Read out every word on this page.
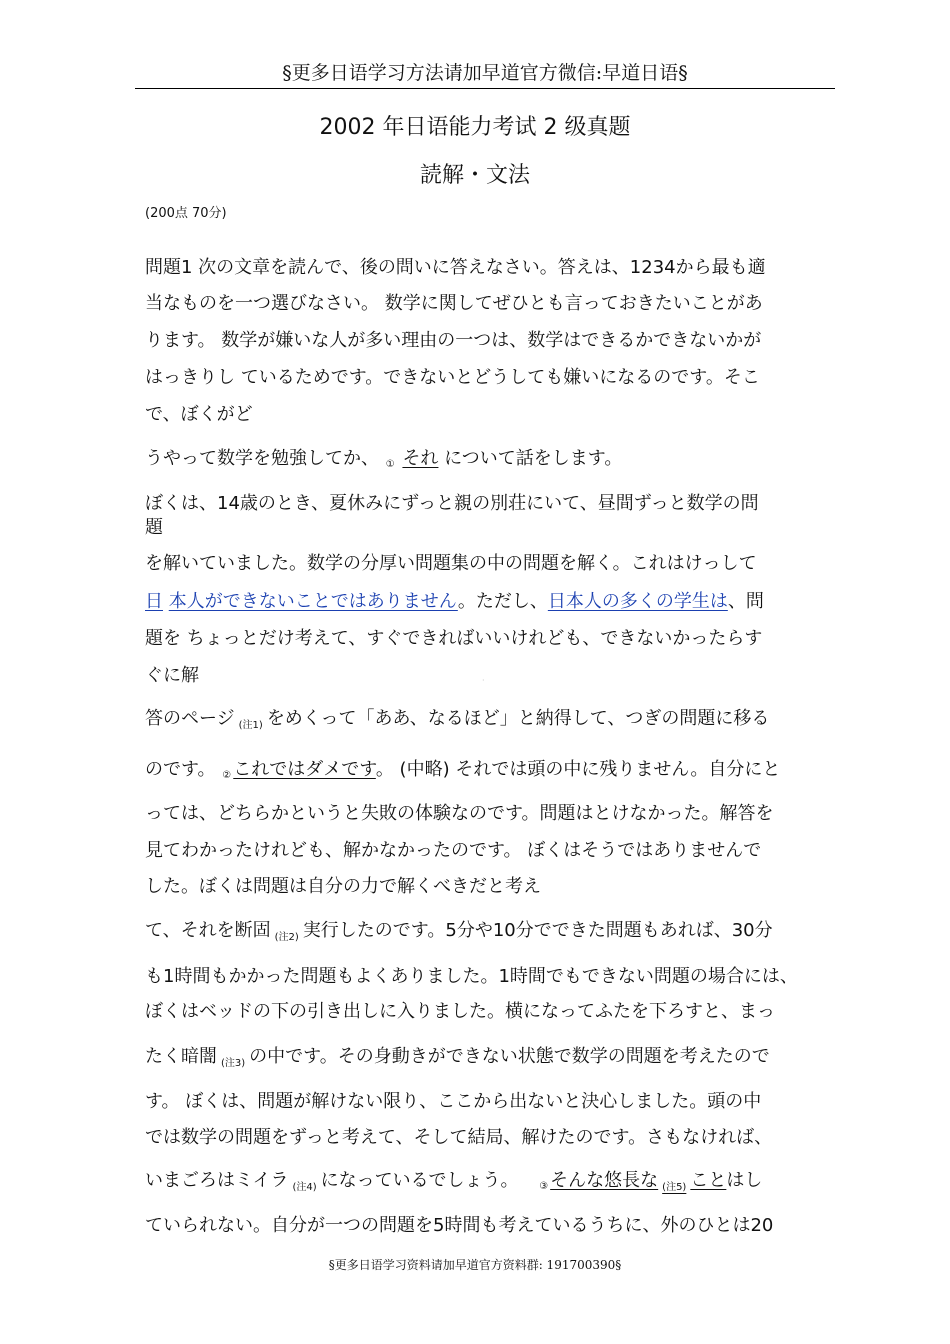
§更多日语学习方法请加早道官方微信:早道日语§
2002 年日语能力考试 2 级真题
読解・文法
(200点 70分)
問題1 次の文章を読んで、後の問いに答えなさい。答えは、1234から最も適
当なものを一つ選びなさい。 数学に関してぜひとも言っておきたいことがあ
ります。 数学が嫌いな人が多い理由の一つは、数学はできるかできないかが
はっきりし ているためです。できないとどうしても嫌いになるのです。そこ
で、ぼくがど
うやって数学を勉強してか、 ① それ について話をします。
ぼくは、14歳のとき、夏休みにずっと親の別荘にいて、昼間ずっと数学の問
題
を解いていました。数学の分厚い問題集の中の問題を解く。これはけっして
日 本人ができないことではありません。ただし、日本人の多くの学生は、問
題を ちょっとだけ考えて、すぐできればいいけれども、できないかったらす
ぐに解	·
答のページ $_{(注1)}$ をめくって「ああ、なるほど」と納得して、つぎの問題に移る
のです。 ② これではダメです。 (中略) それでは頭の中に残りません。自分にと
っては、どちらかというと失敗の体験なのです。問題はとけなかった。解答を
見てわかったけれども、解かなかったのです。 ぼくはそうではありませんで
した。ぼくは問題は自分の力で解くべきだと考え
て、それを断固 $_{(注2)}$ 実行したのです。5分や10分でできた問題もあれば、30分
も1時間もかかった問題もよくありました。1時間でもできない問題の場合には、
ぼくはベッドの下の引き出しに入りました。横になってふたを下ろすと、まっ
たく暗闇 $_{(注3)}$ の中です。その身動きができない状態で数学の問題を考えたので
す。 ぼくは、問題が解けない限り、ここから出ないと決心しました。頭の中
では数学の問題をずっと考えて、そして結局、解けたのです。さもなければ、
いまごろはミイラ $_{(注4)}$ になっているでしょう。 ③ そんな悠長な $_{(注5)}$ ことはし
ていられない。自分が一つの問題を5時間も考えているうちに、外のひとは20
§更多日语学习资料请加早道官方资料群: 191700390§
